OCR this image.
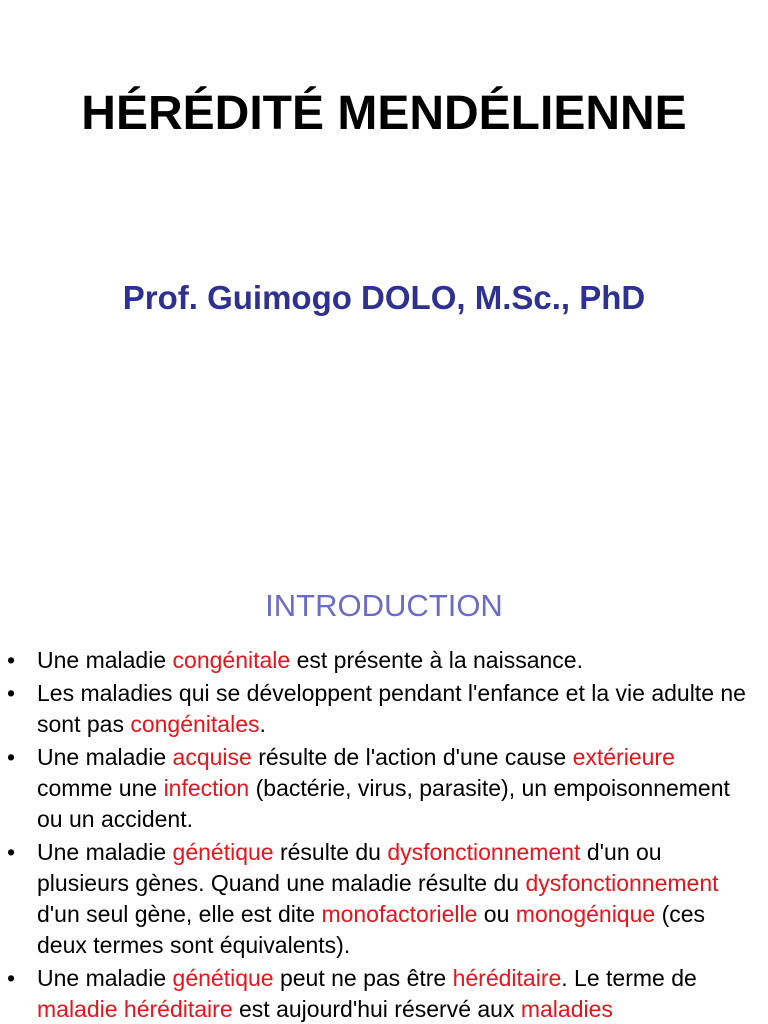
HÉRÉDITÉ MENDÉLIENNE
Prof. Guimogo DOLO, M.Sc., PhD
INTRODUCTION
• Une maladie congénitale est présente à la naissance.
• Les maladies qui se développent pendant l'enfance et la vie adulte ne sont pas congénitales.
• Une maladie acquise résulte de l'action d'une cause extérieure comme une infection (bactérie, virus, parasite), un empoisonnement ou un accident.
• Une maladie génétique résulte du dysfonctionnement d'un ou plusieurs gènes. Quand une maladie résulte du dysfonctionnement d'un seul gène, elle est dite monofactorielle ou monogénique (ces deux termes sont équivalents).
• Une maladie génétique peut ne pas être héréditaire. Le terme de maladie héréditaire est aujourd'hui réservé aux maladies
